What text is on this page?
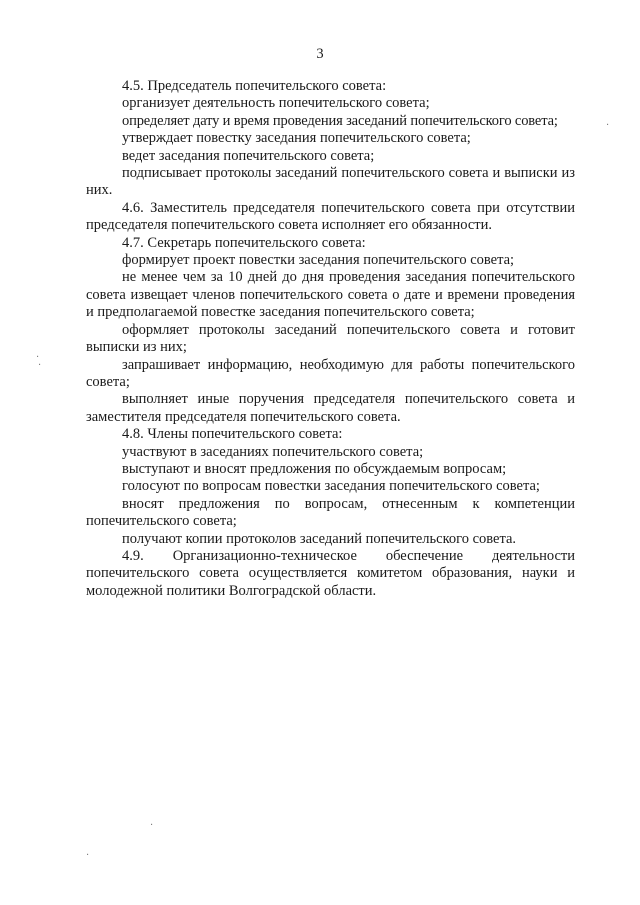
3

4.5. Председатель попечительского совета:

организует деятельность попечительского совета;

определяет дату и время проведения заседаний попечительского совета;

утверждает повестку заседания попечительского совета;

ведет заседания попечительского совета;

подписывает протоколы заседаний попечительского совета и выписки из них.

4.6. Заместитель председателя попечительского совета при отсутствии председателя попечительского совета исполняет его обязанности.

4.7. Секретарь попечительского совета:

формирует проект повестки заседания попечительского совета;

не менее чем за 10 дней до дня проведения заседания попечительского совета извещает членов попечительского совета о дате и времени проведения и предполагаемой повестке заседания попечительского совета;

оформляет протоколы заседаний попечительского совета и готовит выписки из них;

запрашивает информацию, необходимую для работы попечительского совета;

выполняет иные поручения председателя попечительского совета и заместителя председателя попечительского совета.

4.8. Члены попечительского совета:

участвуют в заседаниях попечительского совета;

выступают и вносят предложения по обсуждаемым вопросам;

голосуют по вопросам повестки заседания попечительского совета;

вносят предложения по вопросам, отнесенным к компетенции попечительского совета;

получают копии протоколов заседаний попечительского совета.

4.9. Организационно-техническое обеспечение деятельности попечительского совета осуществляется комитетом образования, науки и молодежной политики Волгоградской области.

·
·
·
·
·
